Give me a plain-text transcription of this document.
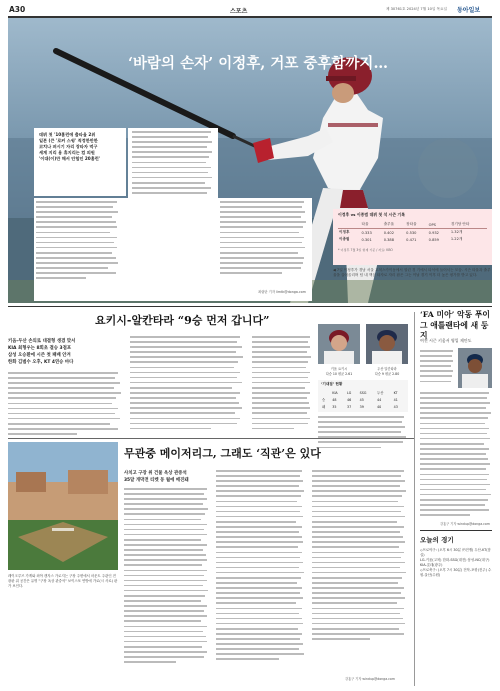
A30	스포츠	제 30761호 2024년 7월 10일 목요일 동아일보
‘바람의 손자’ 이정후, 거포 중후함까지…
데뷔 첫 '10홈런에 출타율 2위
일본 (큰 '로커 스윙' 적정한만한
코치나 퍼시기 자리 장타자 먹구
세계 지리 용 휴지리는 컴 의원
'이대(이)만 해서 안힐인 20홈런'
최림탄 기자 limtk@donga.com
이정후 vs 이종범 데뷔 첫 석 시즌 기록
	타율	출루율	장타율	OPS	경기당 안타
이정후	0.333	0.402	0.530	0.932	1.32개
이종범	0.301	0.388	0.471	0.859	1.22개
* 이정후 7월 3일 현재 기준 / 자료: KBO
◀ 7일 이정후가 경남 서울 고척스카이돔에서 열린 경 기에서 타석에 들어서는 모습. 시즌 타율과 출루율을 끌어올리며 팀 내 핵심 타자로 자리 잡은 그는 이날 경기 이후 더 높은 평가를 받고 있다.
요키시-알칸타라 “9승 먼저 갑니다”
키움-두산 손의로 대결형 생겼 맞서
KIA 최형우는 8회초 결승 3점포
삼성 오승환에 시즌 첫 패배 안겨
한화 김범수 오후, KT 4연승 마다
키움 요키시
다승 10 평균 2.61
두산 알칸타라
다승 9 평균 2.80
‘기대점’ 현황
	KIA	LG	SSG	두산	KT
승	48	46	45	44	41
패	35	37	39	40	43
‘FA 미아’ 악동 푸이그 애틀랜타에 새 둥지
여전 시즌 키움서 영입 제안도
강홍구 기자 windup@donga.com
레이크루즈 가게와 외야 캔자스 가로지는 구장 주변에서 마운트 주관인 전광판 위 공간은 유명 "구장 옥상 관중석" 보이스포 연방에 가로(시 사로) 판가 보인다.
무관중 메이저리그, 그래도 ‘직관’은 있다
사치고 구장 위 건물 옥상 관중석
35달 개막전 티켓 동 월에 매진돼
강홍구 기자 windup@donga.com
오늘의 경기
◇프로야구: (오후 6시 30분 ㈜전쟁) 두산-KT(잠실)
LG-키움(고척) 한화-SSG(대전) 삼성-NC(대구)
KIA-롯데(광주)
◇프로축구: (오후 7시 30분) 전북-포항(전주) 수원-울산(수원)
